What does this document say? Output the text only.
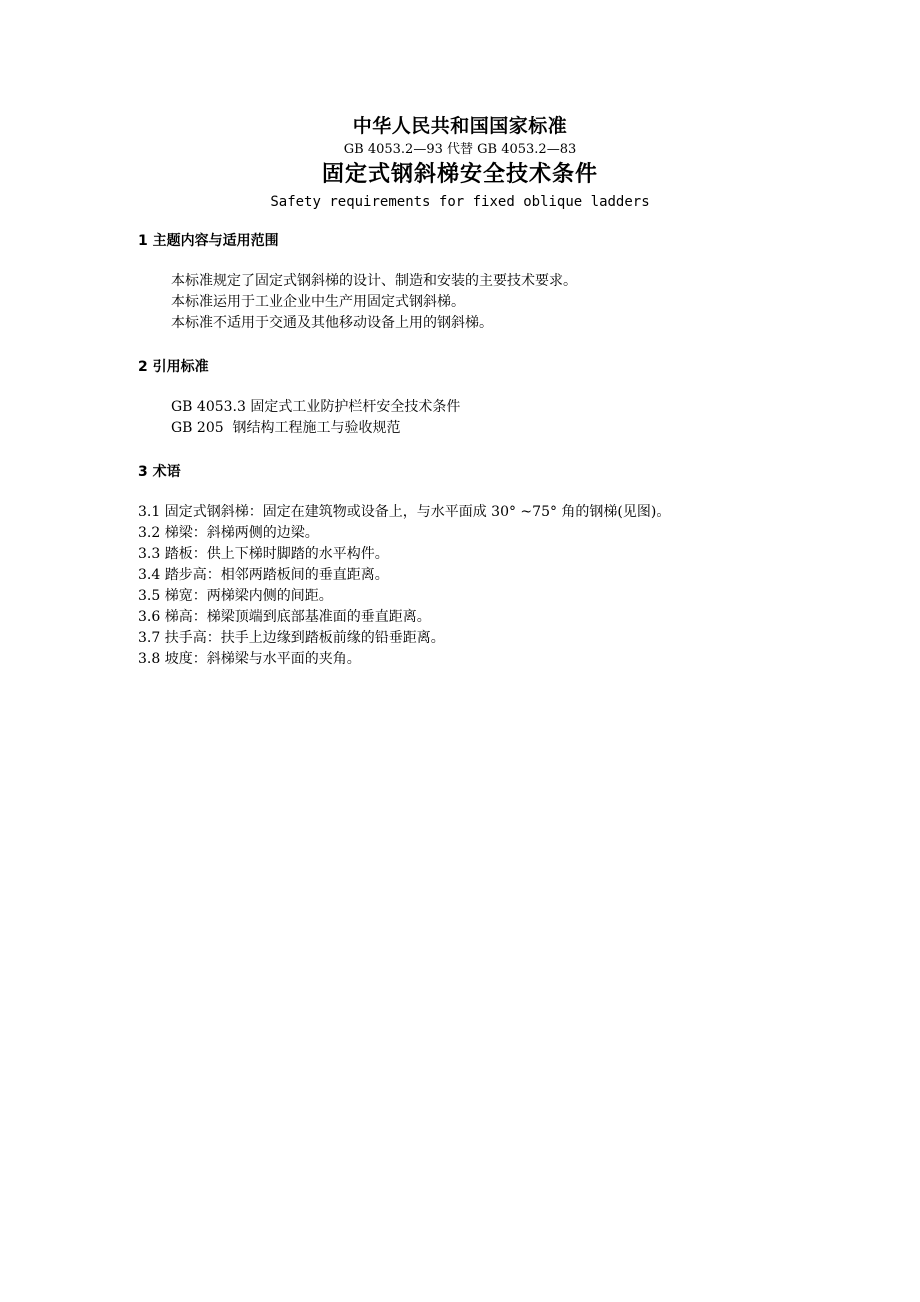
中华人民共和国国家标准
GB 4053.2—93 代替 GB 4053.2—83
固定式钢斜梯安全技术条件
Safety requirements for fixed oblique ladders
1 主题内容与适用范围
本标准规定了固定式钢斜梯的设计、制造和安装的主要技术要求。
本标准运用于工业企业中生产用固定式钢斜梯。
本标准不适用于交通及其他移动设备上用的钢斜梯。
2 引用标准
GB 4053.3 固定式工业防护栏杆安全技术条件
GB 205  钢结构工程施工与验收规范
3 术语
3.1 固定式钢斜梯：固定在建筑物或设备上，与水平面成 30° ~75° 角的钢梯(见图)。
3.2 梯梁：斜梯两侧的边梁。
3.3 踏板：供上下梯时脚踏的水平构件。
3.4 踏步高：相邻两踏板间的垂直距离。
3.5 梯宽：两梯梁内侧的间距。
3.6 梯高：梯梁顶端到底部基准面的垂直距离。
3.7 扶手高：扶手上边缘到踏板前缘的铅垂距离。
3.8 坡度：斜梯梁与水平面的夹角。
